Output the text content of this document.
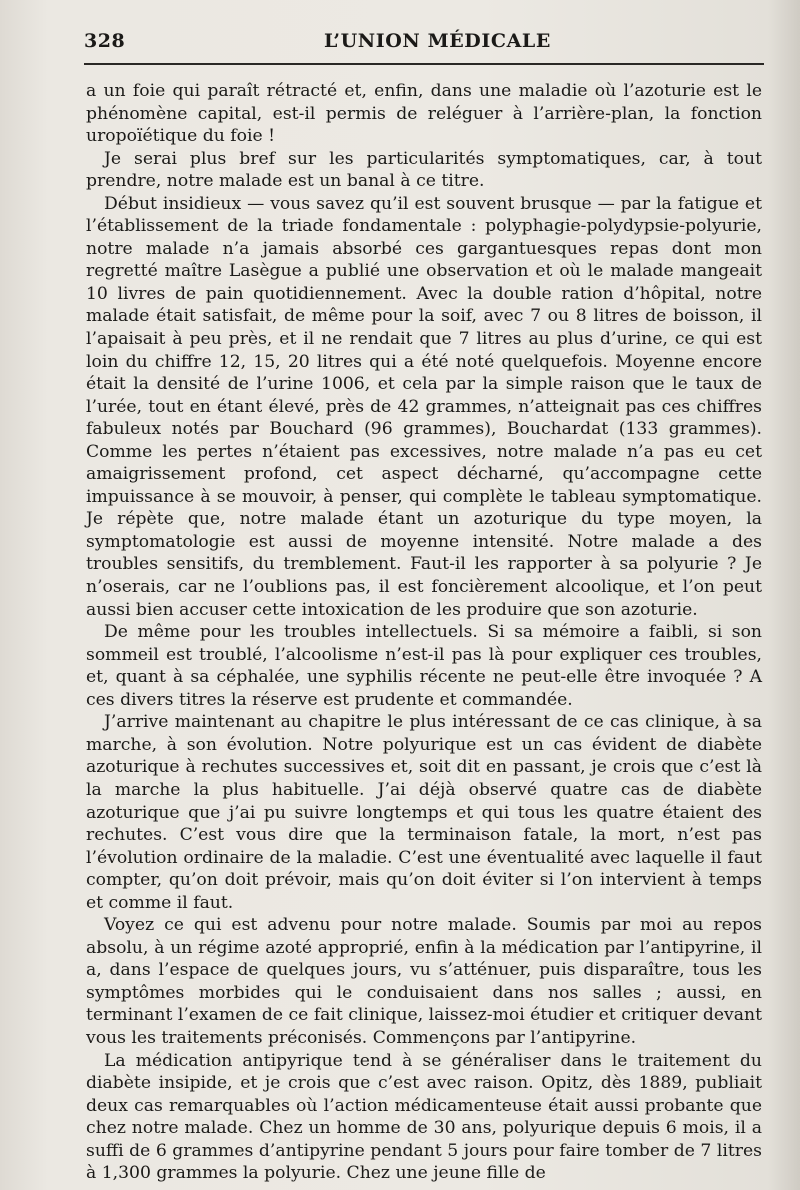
328	L’UNION MÉDICALE

a un foie qui paraît rétracté et, enfin, dans une maladie où l’azoturie est le phénomène capital, est-il permis de reléguer à l’arrière-plan, la fonction uropoïétique du foie !

Je serai plus bref sur les particularités symptomatiques, car, à tout prendre, notre malade est un banal à ce titre.

Début insidieux — vous savez qu’il est souvent brusque — par la fatigue et l’établissement de la triade fondamentale : polyphagie-polydypsie-polyurie, notre malade n’a jamais absorbé ces gargantuesques repas dont mon regretté maître Lasègue a publié une observation et où le malade mangeait 10 livres de pain quotidiennement. Avec la double ration d’hôpital, notre malade était satisfait, de même pour la soif, avec 7 ou 8 litres de boisson, il l’apaisait à peu près, et il ne rendait que 7 litres au plus d’urine, ce qui est loin du chiffre 12, 15, 20 litres qui a été noté quelquefois. Moyenne encore était la densité de l’urine 1006, et cela par la simple raison que le taux de l’urée, tout en étant élevé, près de 42 grammes, n’atteignait pas ces chiffres fabuleux notés par Bouchard (96 grammes), Bouchardat (133 grammes). Comme les pertes n’étaient pas excessives, notre malade n’a pas eu cet amaigrissement profond, cet aspect décharné, qu’accompagne cette impuissance à se mouvoir, à penser, qui complète le tableau symptomatique. Je répète que, notre malade étant un azoturique du type moyen, la symptomatologie est aussi de moyenne intensité. Notre malade a des troubles sensitifs, du tremblement. Faut-il les rapporter à sa polyurie ? Je n’oserais, car ne l’oublions pas, il est foncièrement alcoolique, et l’on peut aussi bien accuser cette intoxication de les produire que son azoturie.

De même pour les troubles intellectuels. Si sa mémoire a faibli, si son sommeil est troublé, l’alcoolisme n’est-il pas là pour expliquer ces troubles, et, quant à sa céphalée, une syphilis récente ne peut-elle être invoquée ? A ces divers titres la réserve est prudente et commandée.

J’arrive maintenant au chapitre le plus intéressant de ce cas clinique, à sa marche, à son évolution. Notre polyurique est un cas évident de diabète azoturique à rechutes successives et, soit dit en passant, je crois que c’est là la marche la plus habituelle. J’ai déjà observé quatre cas de diabète azoturique que j’ai pu suivre longtemps et qui tous les quatre étaient des rechutes. C’est vous dire que la terminaison fatale, la mort, n’est pas l’évolution ordinaire de la maladie. C’est une éventualité avec laquelle il faut compter, qu’on doit prévoir, mais qu’on doit éviter si l’on intervient à temps et comme il faut.

Voyez ce qui est advenu pour notre malade. Soumis par moi au repos absolu, à un régime azoté approprié, enfin à la médication par l’antipyrine, il a, dans l’espace de quelques jours, vu s’atténuer, puis disparaître, tous les symptômes morbides qui le conduisaient dans nos salles ; aussi, en terminant l’examen de ce fait clinique, laissez-moi étudier et critiquer devant vous les traitements préconisés. Commençons par l’antipyrine.

La médication antipyrique tend à se généraliser dans le traitement du diabète insipide, et je crois que c’est avec raison. Opitz, dès 1889, publiait deux cas remarquables où l’action médicamenteuse était aussi probante que chez notre malade. Chez un homme de 30 ans, polyurique depuis 6 mois, il a suffi de 6 grammes d’antipyrine pendant 5 jours pour faire tomber de 7 litres à 1,300 grammes la polyurie. Chez une jeune fille de
